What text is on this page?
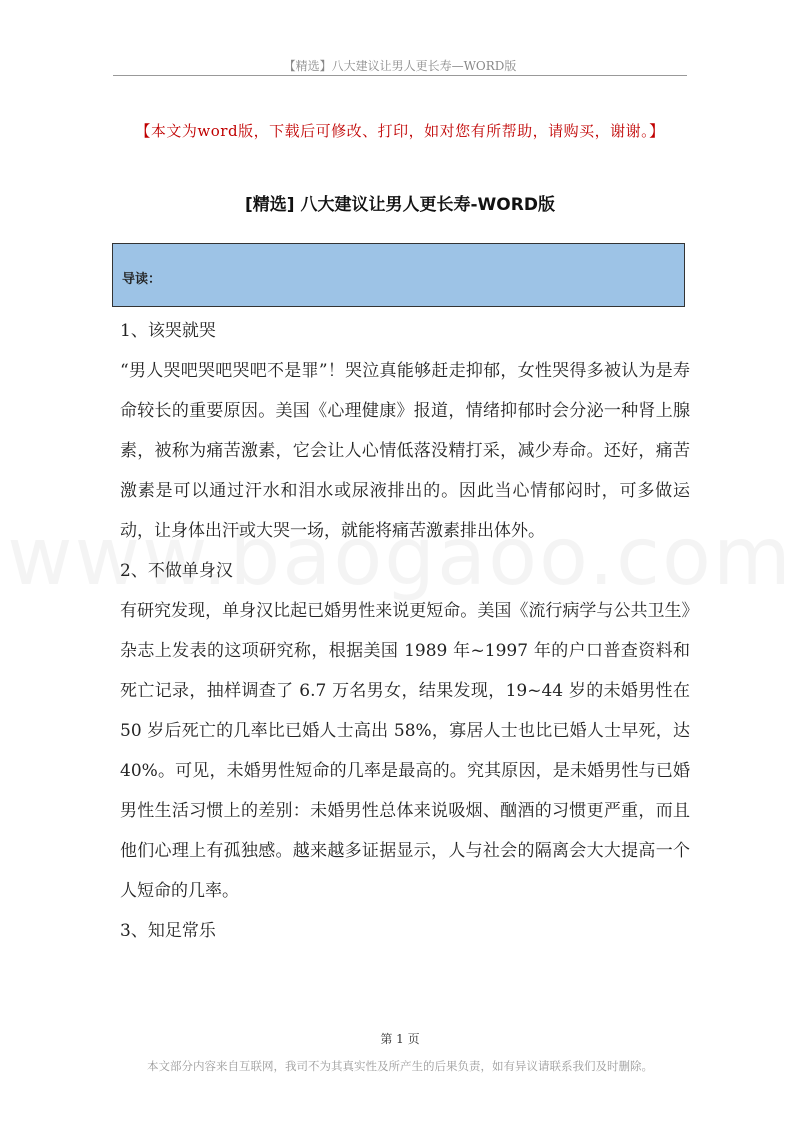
【精选】八大建议让男人更长寿—WORD版
【本文为word版，下载后可修改、打印，如对您有所帮助，请购买，谢谢。】
[精选] 八大建议让男人更长寿-WORD版
导读：
1、该哭就哭
“男人哭吧哭吧哭吧不是罪”！哭泣真能够赶走抑郁，女性哭得多被认为是寿命较长的重要原因。美国《心理健康》报道，情绪抑郁时会分泌一种肾上腺素，被称为痛苦激素，它会让人心情低落没精打采，减少寿命。还好，痛苦激素是可以通过汗水和泪水或尿液排出的。因此当心情郁闷时，可多做运动，让身体出汗或大哭一场，就能将痛苦激素排出体外。
2、不做单身汉
有研究发现，单身汉比起已婚男性来说更短命。美国《流行病学与公共卫生》杂志上发表的这项研究称，根据美国 1989 年~1997 年的户口普查资料和死亡记录，抽样调查了 6.7 万名男女，结果发现，19~44 岁的未婚男性在 50 岁后死亡的几率比已婚人士高出 58%，寡居人士也比已婚人士早死，达 40%。可见，未婚男性短命的几率是最高的。究其原因，是未婚男性与已婚男性生活习惯上的差别：未婚男性总体来说吸烟、酗酒的习惯更严重，而且他们心理上有孤独感。越来越多证据显示，人与社会的隔离会大大提高一个人短命的几率。
3、知足常乐
第 1 页
本文部分内容来自互联网，我司不为其真实性及所产生的后果负责，如有异议请联系我们及时删除。
